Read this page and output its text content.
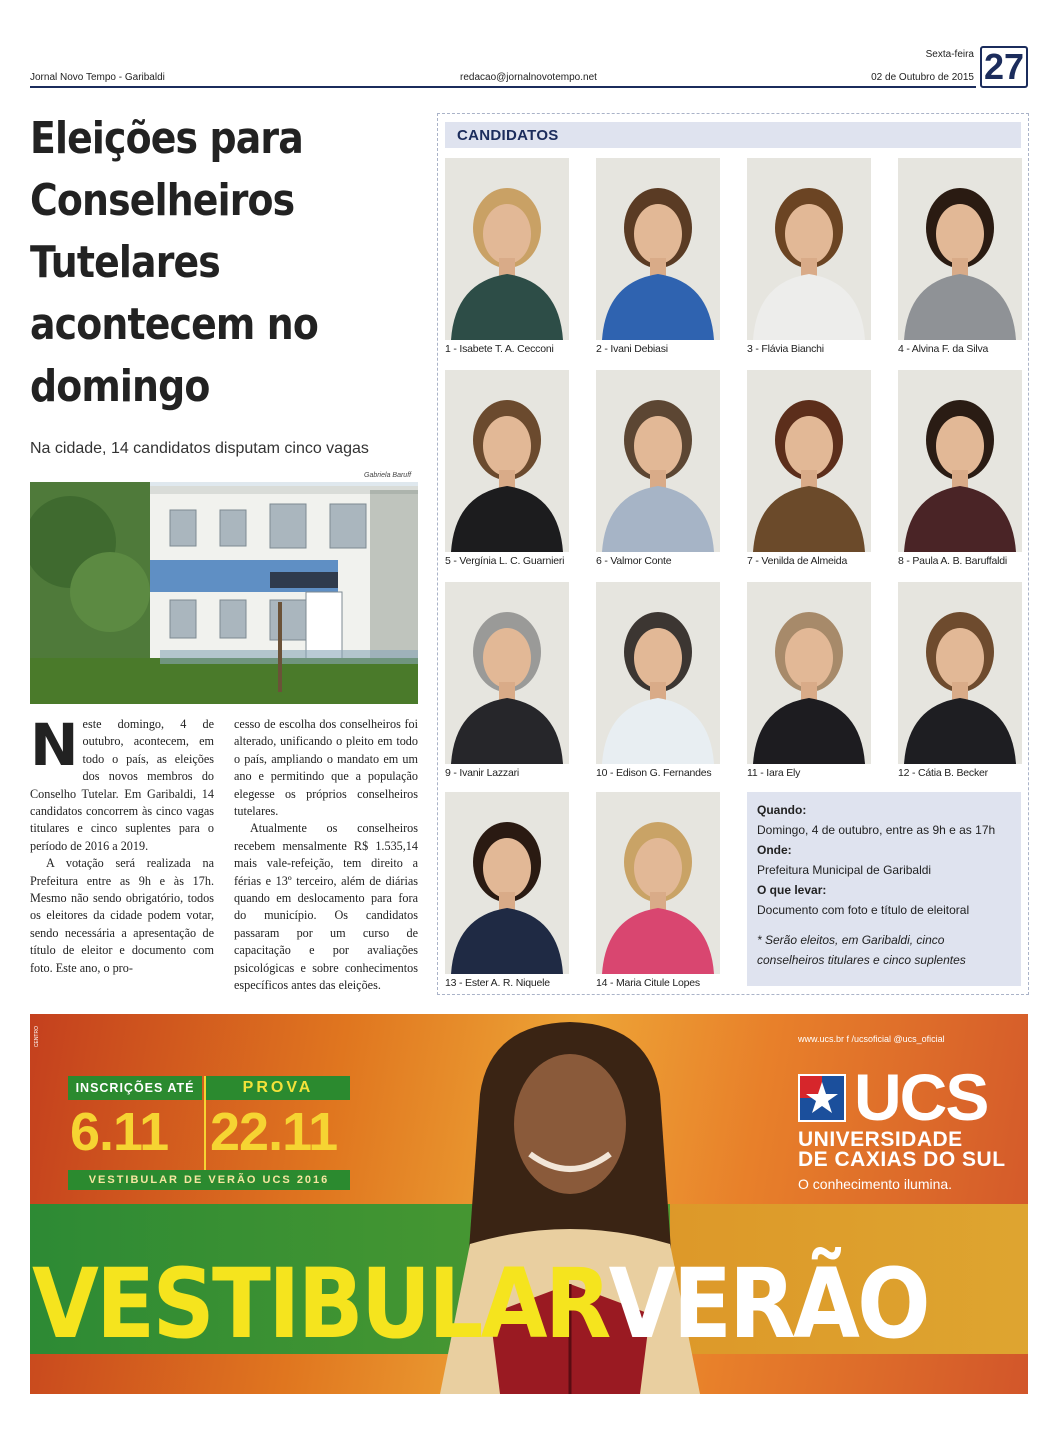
Jornal Novo Tempo - Garibaldi	redacao@jornalnovotempo.net
Sexta-feira
02 de Outubro de 2015 27
Eleições para Conselheiros Tutelares acontecem no domingo
Na cidade, 14 candidatos disputam cinco vagas
Gabriela Baruff

Neste domingo, 4 de outubro, acontecem, em todo o país, as eleições dos novos membros do Conselho Tutelar. Em Garibaldi, 14 candidatos concorrem às cinco vagas titulares e cinco suplentes para o período de 2016 a 2019.

A votação será realizada na Prefeitura entre as 9h e às 17h. Mesmo não sendo obrigatório, todos os eleitores da cidade podem votar, sendo necessária a apresentação de título de eleitor e documento com foto. Este ano, o pro-

cesso de escolha dos conselheiros foi alterado, unificando o pleito em todo o país, ampliando o mandato em um ano e permitindo que a população elegesse os próprios conselheiros tutelares.

Atualmente os conselheiros recebem mensalmente R$ 1.535,14 mais vale-refeição, tem direito a férias e 13º terceiro, além de diárias quando em deslocamento para fora do município. Os candidatos passaram por um curso de capacitação e por avaliações psicológicas e sobre conhecimentos específicos antes das eleições.

CANDIDATOS
1 - Isabete T. A. Cecconi	2 - Ivani Debiasi	3 - Flávia Bianchi	4 - Alvina F. da Silva
5 - Vergínia L. C. Guarnieri	6 - Valmor Conte	7 - Venilda de Almeida	8 - Paula A. B. Baruffaldi
9 - Ivanir Lazzari	10 - Edison G. Fernandes	11 - Iara Ely	12 - Cátia B. Becker
13 - Ester A. R. Niquele	14 - Maria Citule Lopes
Quando:
Domingo, 4 de outubro, entre as 9h e as 17h
Onde:
Prefeitura Municipal de Garibaldi
O que levar:
Documento com foto e título de eleitoral
* Serão eleitos, em Garibaldi, cinco conselheiros titulares e cinco suplentes
CENTRO
INSCRIÇÕES ATÉ	PROVA
6.11 22.11
VESTIBULAR DE VERÃO UCS 2016
www.ucs.br f /ucsoficial @ucs_oficial
UCS
UNIVERSIDADE
DE CAXIAS DO SUL
O conhecimento ilumina.
VESTIBULARVERÃO
